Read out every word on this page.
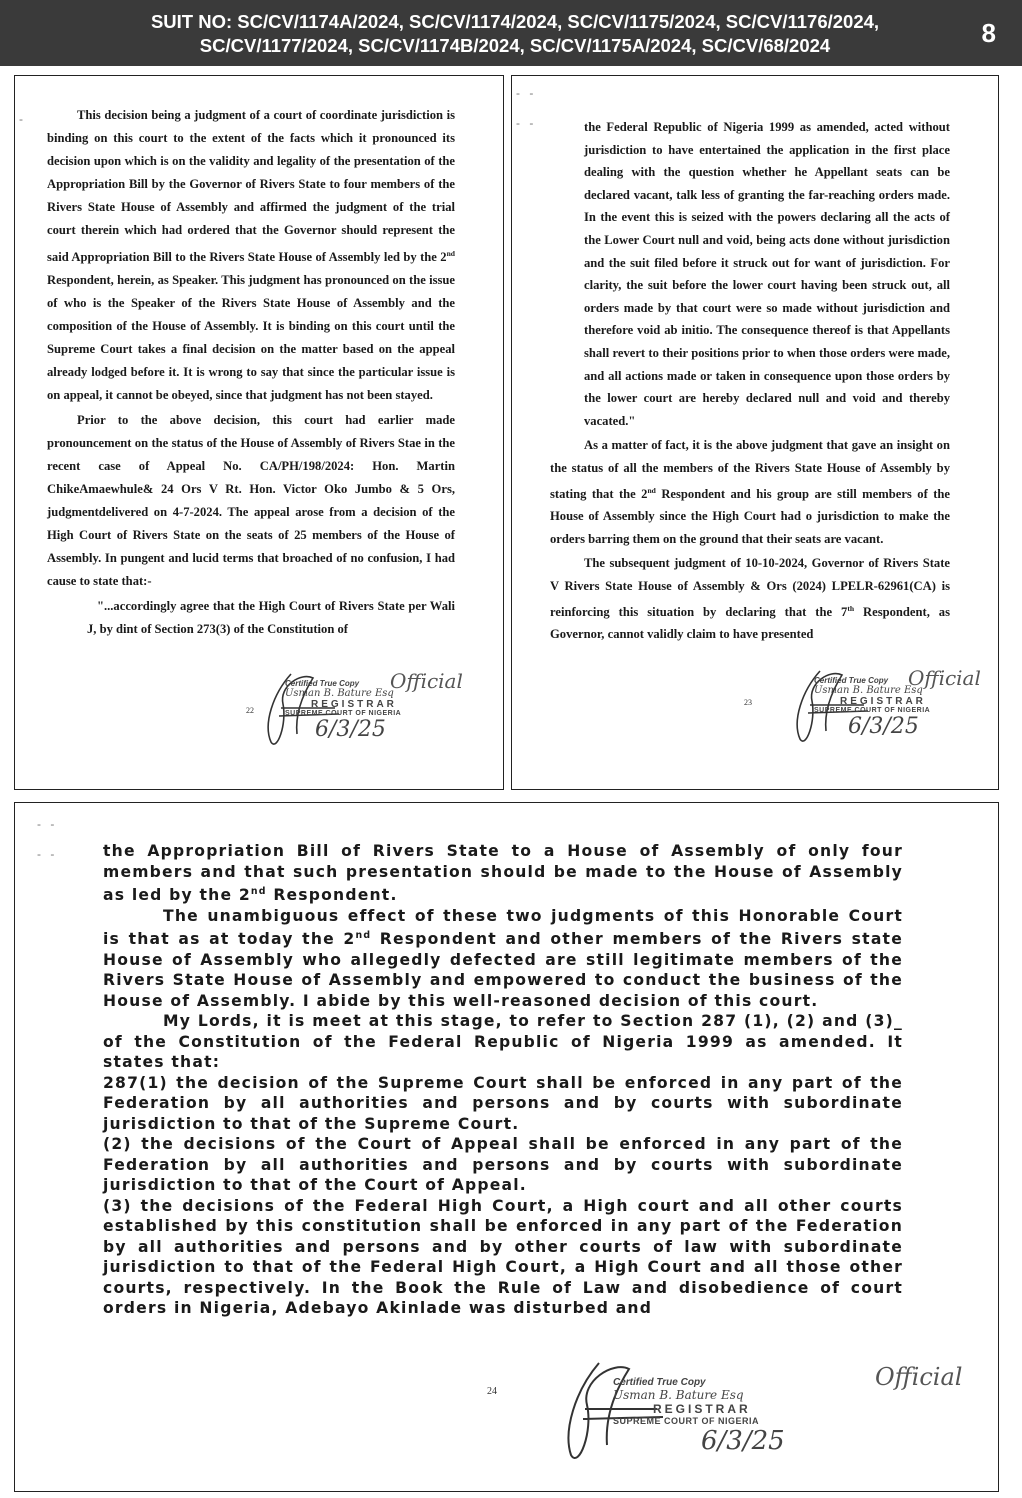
SUIT NO: SC/CV/1174A/2024, SC/CV/1174/2024, SC/CV/1175/2024, SC/CV/1176/2024,
SC/CV/1177/2024, SC/CV/1174B/2024, SC/CV/1175A/2024, SC/CV/68/2024	8
-	This decision being a judgment of a court of coordinate jurisdiction is binding on this court to the extent of the facts which it pronounced its decision upon which is on the validity and legality of the presentation of the Appropriation Bill by the Governor of Rivers State to four members of the Rivers State House of Assembly and affirmed the judgment of the trial court therein which had ordered that the Governor should represent the said Appropriation Bill to the Rivers State House of Assembly led by the 2nd Respondent, herein, as Speaker. This judgment has pronounced on the issue of who is the Speaker of the Rivers State House of Assembly and the composition of the House of Assembly. It is binding on this court until the Supreme Court takes a final decision on the matter based on the appeal already lodged before it. It is wrong to say that since the particular issue is on appeal, it cannot be obeyed, since that judgment has not been stayed.

Prior to the above decision, this court had earlier made pronouncement on the status of the House of Assembly of Rivers Stae in the recent case of Appeal No. CA/PH/198/2024: Hon. Martin ChikeAmaewhule& 24 Ors V Rt. Hon. Victor Oko Jumbo & 5 Ors, judgmentdelivered on 4-7-2024. The appeal arose from a decision of the High Court of Rivers State on the seats of 25 members of the House of Assembly. In pungent and lucid terms that broached of no confusion, I had cause to state that:-

"...accordingly agree that the High Court of Rivers State per Wali J, by dint of Section 273(3) of the Constitution of

22
Certified True Copy
Usman B. Bature Esq
REGISTRAR
SUPREME COURT OF NIGERIA
6/3/25
Official
- -
- -	the Federal Republic of Nigeria 1999 as amended, acted without jurisdiction to have entertained the application in the first place dealing with the question whether he Appellant seats can be declared vacant, talk less of granting the far-reaching orders made. In the event this is seized with the powers declaring all the acts of the Lower Court null and void, being acts done without jurisdiction and the suit filed before it struck out for want of jurisdiction. For clarity, the suit before the lower court having been struck out, all orders made by that court were so made without jurisdiction and therefore void ab initio. The consequence thereof is that Appellants shall revert to their positions prior to when those orders were made, and all actions made or taken in consequence upon those orders by the lower court are hereby declared null and void and thereby vacated."

As a matter of fact, it is the above judgment that gave an insight on the status of all the members of the Rivers State House of Assembly by stating that the 2nd Respondent and his group are still members of the House of Assembly since the High Court had o jurisdiction to make the orders barring them on the ground that their seats are vacant.

The subsequent judgment of 10-10-2024, Governor of Rivers State V Rivers State House of Assembly & Ors (2024) LPELR-62961(CA) is reinforcing this situation by declaring that the 7th Respondent, as Governor, cannot validly claim to have presented

23
Certified True Copy
Usman B. Bature Esq
REGISTRAR
SUPREME COURT OF NIGERIA
6/3/25
Official
- -
- -	the Appropriation Bill of Rivers State to a House of Assembly of only four members and that such presentation should be made to the House of Assembly as led by the 2nd Respondent.

The unambiguous effect of these two judgments of this Honorable Court is that as at today the 2nd Respondent and other members of the Rivers state House of Assembly who allegedly defected are still legitimate members of the Rivers State House of Assembly and empowered to conduct the business of the House of Assembly. I abide by this well-reasoned decision of this court.

My Lords, it is meet at this stage, to refer to Section 287 (1), (2) and (3)_ of the Constitution of the Federal Republic of Nigeria 1999 as amended. It states that:

287(1) the decision of the Supreme Court shall be enforced in any part of the Federation by all authorities and persons and by courts with subordinate jurisdiction to that of the Supreme Court.

(2) the decisions of the Court of Appeal shall be enforced in any part of the Federation by all authorities and persons and by courts with subordinate jurisdiction to that of the Court of Appeal.

(3) the decisions of the Federal High Court, a High court and all other courts established by this constitution shall be enforced in any part of the Federation by all authorities and persons and by other courts of law with subordinate jurisdiction to that of the Federal High Court, a High Court and all those other courts, respectively. In the Book the Rule of Law and disobedience of court orders in Nigeria, Adebayo Akinlade was disturbed and

24
Certified True Copy
Usman B. Bature Esq
REGISTRAR
SUPREME COURT OF NIGERIA
6/3/25
Official
